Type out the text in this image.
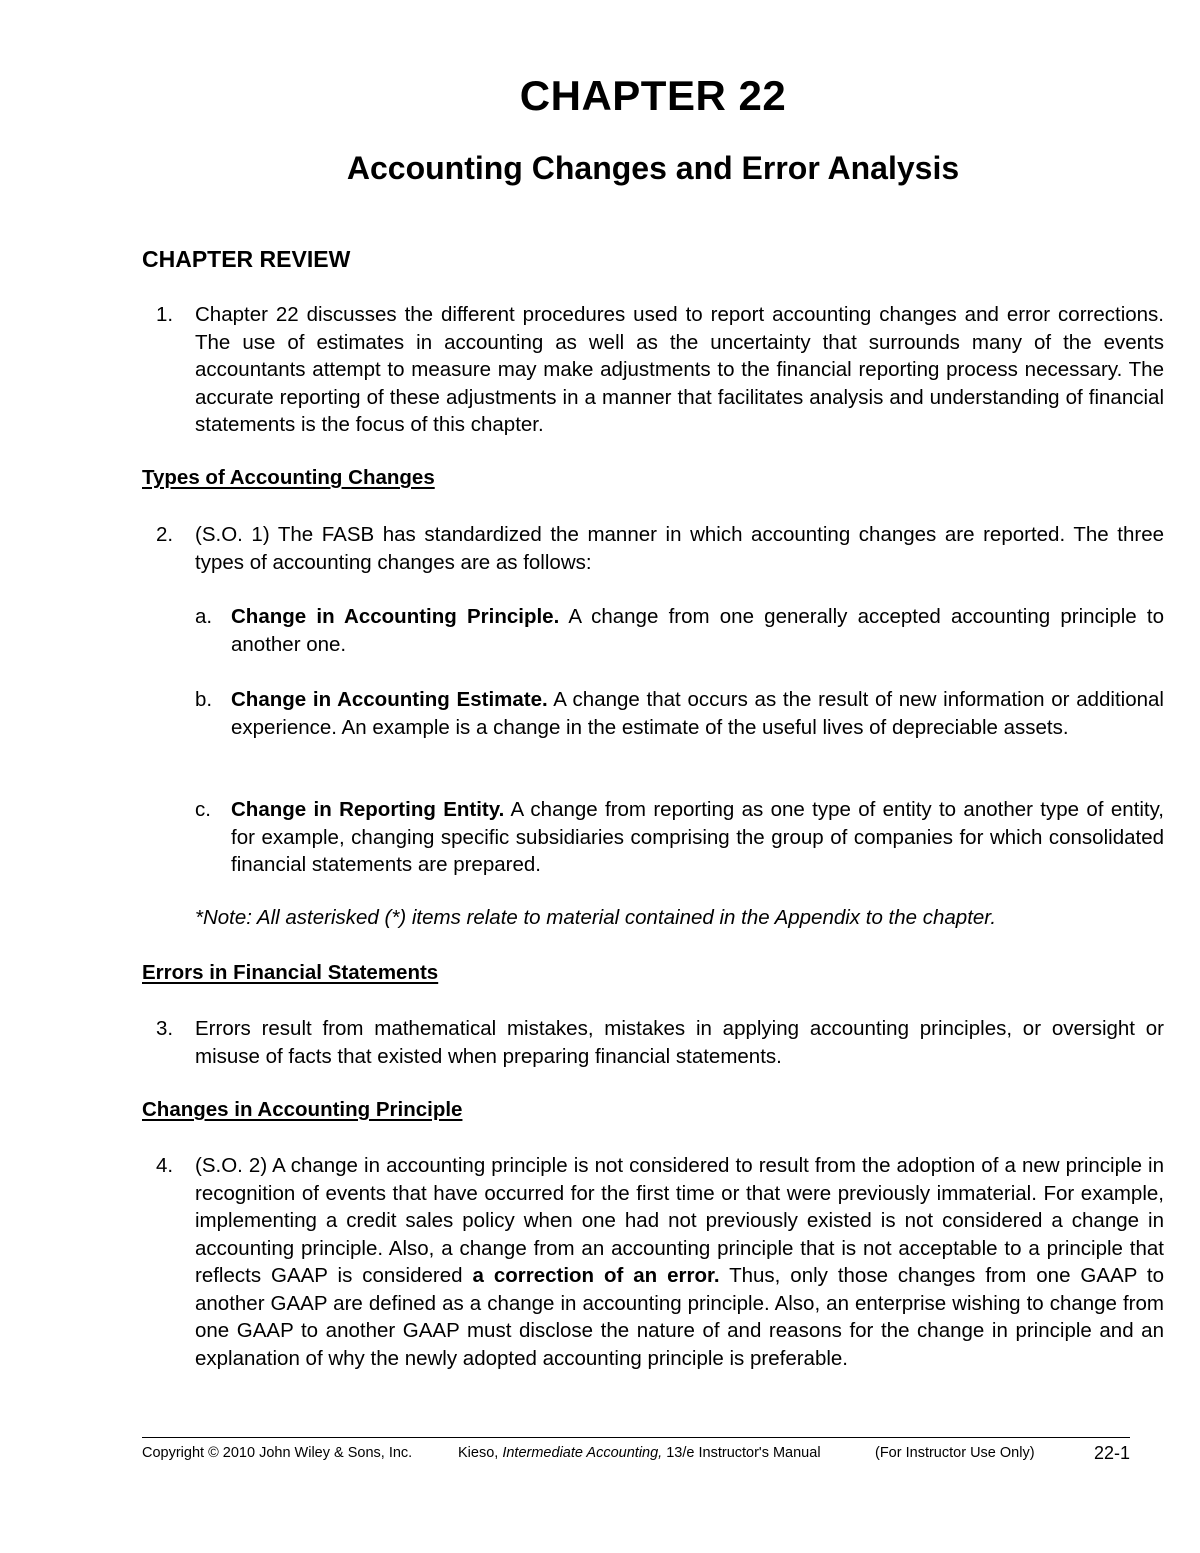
CHAPTER 22
Accounting Changes and Error Analysis
CHAPTER REVIEW
1. Chapter 22 discusses the different procedures used to report accounting changes and error corrections. The use of estimates in accounting as well as the uncertainty that surrounds many of the events accountants attempt to measure may make adjustments to the financial reporting process necessary. The accurate reporting of these adjustments in a manner that facilitates analysis and understanding of financial statements is the focus of this chapter.
Types of Accounting Changes
2. (S.O. 1) The FASB has standardized the manner in which accounting changes are reported. The three types of accounting changes are as follows:
a. Change in Accounting Principle. A change from one generally accepted accounting principle to another one.
b. Change in Accounting Estimate. A change that occurs as the result of new information or additional experience. An example is a change in the estimate of the useful lives of depreciable assets.
c. Change in Reporting Entity. A change from reporting as one type of entity to another type of entity, for example, changing specific subsidiaries comprising the group of companies for which consolidated financial statements are prepared.
*Note: All asterisked (*) items relate to material contained in the Appendix to the chapter.
Errors in Financial Statements
3. Errors result from mathematical mistakes, mistakes in applying accounting principles, or oversight or misuse of facts that existed when preparing financial statements.
Changes in Accounting Principle
4. (S.O. 2) A change in accounting principle is not considered to result from the adoption of a new principle in recognition of events that have occurred for the first time or that were previously immaterial. For example, implementing a credit sales policy when one had not previously existed is not considered a change in accounting principle. Also, a change from an accounting principle that is not acceptable to a principle that reflects GAAP is considered a correction of an error. Thus, only those changes from one GAAP to another GAAP are defined as a change in accounting principle. Also, an enterprise wishing to change from one GAAP to another GAAP must disclose the nature of and reasons for the change in principle and an explanation of why the newly adopted accounting principle is preferable.
Copyright © 2010 John Wiley & Sons, Inc.	Kieso, Intermediate Accounting, 13/e Instructor's Manual	(For Instructor Use Only)	22-1
